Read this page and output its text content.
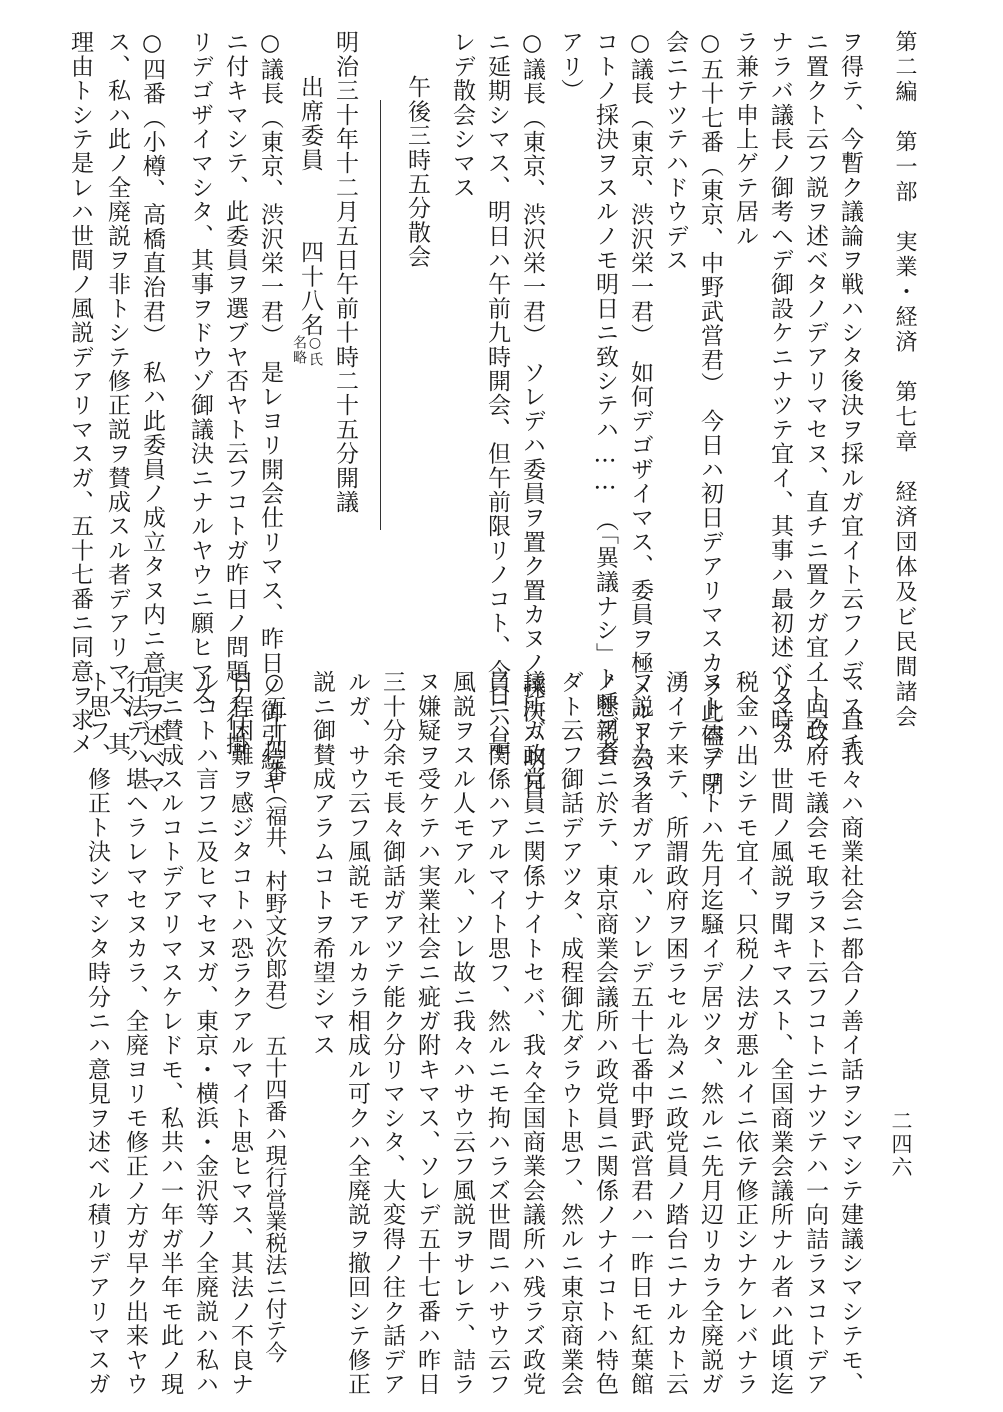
第二編　第一部　実業・経済　第七章　経済団体及ビ民間諸会
二四六
ヲ得テ、今暫ク議論ヲ戦ハシタ後決ヲ採ルガ宜イト云フノデ、直チ
ニ置クト云フ説ヲ述ベタノデアリマセヌ、直チニ置クガ宜イト云フ
ナラバ議長ノ御考ヘデ御設ケニナツテ宜イ、其事ハ最初述ベタ時カ
ラ兼テ申上ゲテ居ル
○五十七番（東京、中野武営君）　今日ハ初日デアリマスカラ此儘デ閉
会ニナツテハドウデス
○議長（東京、渋沢栄一君）　如何デゴザイマス、委員ヲ極メルト云フ
コトノ採決ヲスルノモ明日ニ致シテハ……　（「異議ナシ」ト呼ブ者
アリ）
○議長（東京、渋沢栄一君）　ソレデハ委員ヲ置ク置カヌノ採決ハ明日
ニ延期シマス、明日ハ午前九時開会、但午前限リノコト、今日ハ是
レデ散会シマス
午後三時五分散会
明治三十年十二月五日午前十時二十五分開議
出席委員
四十八名
○氏
名略
○議長（東京、渋沢栄一君）　是レヨリ開会仕リマス、昨日ノ御引続キ
ニ付キマシテ、此委員ヲ選ブヤ否ヤト云フコトガ昨日ノ問題ノ行掛
リデゴザイマシタ、其事ヲドウゾ御議決ニナルヤウニ願ヒマス
○四番（小樽、高橋直治君）　私ハ此委員ノ成立タヌ内ニ意見ヲ述ベマ
ス、私ハ此ノ全廃説ヲ非トシテ修正説ヲ賛成スル者デアリマス、其
理由トシテ是レハ世間ノ風説デアリマスガ、五十七番ニ同意ヲ求メ
マス、我々ハ商業社会ニ都合ノ善イ話ヲシマシテ建議シマシテモ、
一向政府モ議会モ取ラヌト云フコトニナツテハ一向詰ラヌコトデア
リマス、世間ノ風説ヲ聞キマスト、全国商業会議所ナル者ハ此頃迄
税金ハ出シテモ宜イ、只税ノ法ガ悪ルイニ依テ修正シナケレバナラ
ヌト云フコトハ先月迄騒イデ居ツタ、然ルニ先月辺リカラ全廃説ガ
湧イテ来テ、所謂政府ヲ困ラセル為メニ政党員ノ踏台ニナルカト云
フ説ヲ為ス者ガアル、ソレデ五十七番中野武営君ハ一昨日モ紅葉館
ノ懇親会ニ於テ、東京商業会議所ハ政党員ニ関係ノナイコトハ特色
ダト云フ御話デアツタ、成程御尤ダラウト思フ、然ルニ東京商業会
議所ガ政党員ニ関係ナイトセバ、我々全国商業会議所ハ残ラズ政党
員ニハ関係ハアルマイト思フ、然ルニモ拘ハラズ世間ニハサウ云フ
風説ヲスル人モアル、ソレ故ニ我々ハサウ云フ風説ヲサレテ、詰ラ
ヌ嫌疑ヲ受ケテハ実業社会ニ疵ガ附キマス、ソレデ五十七番ハ昨日
三十分余モ長々御話ガアツテ能ク分リマシタ、大変得ノ往ク話デア
ルガ、サウ云フ風説モアルカラ相成ル可クハ全廃説ヲ撤回シテ修正
説ニ御賛成アラムコトヲ希望シマス
○五十四番（福井、村野文次郎君）　五十四番ハ現行営業税法ニ付テ今
日程困難ヲ感ジタコトハ恐ラクアルマイト思ヒマス、其法ノ不良ナ
ルコトハ言フニ及ヒマセヌガ、東京・横浜・金沢等ノ全廃説ハ私ハ
実ニ賛成スルコトデアリマスケレドモ、私共ハ一年ガ半年モ此ノ現
行法デハ堪ヘラレマセヌカラ、全廃ヨリモ修正ノ方ガ早ク出来ヤウ
ト思フ、修正ト決シマシタ時分ニハ意見ヲ述ベル積リデアリマスガ
